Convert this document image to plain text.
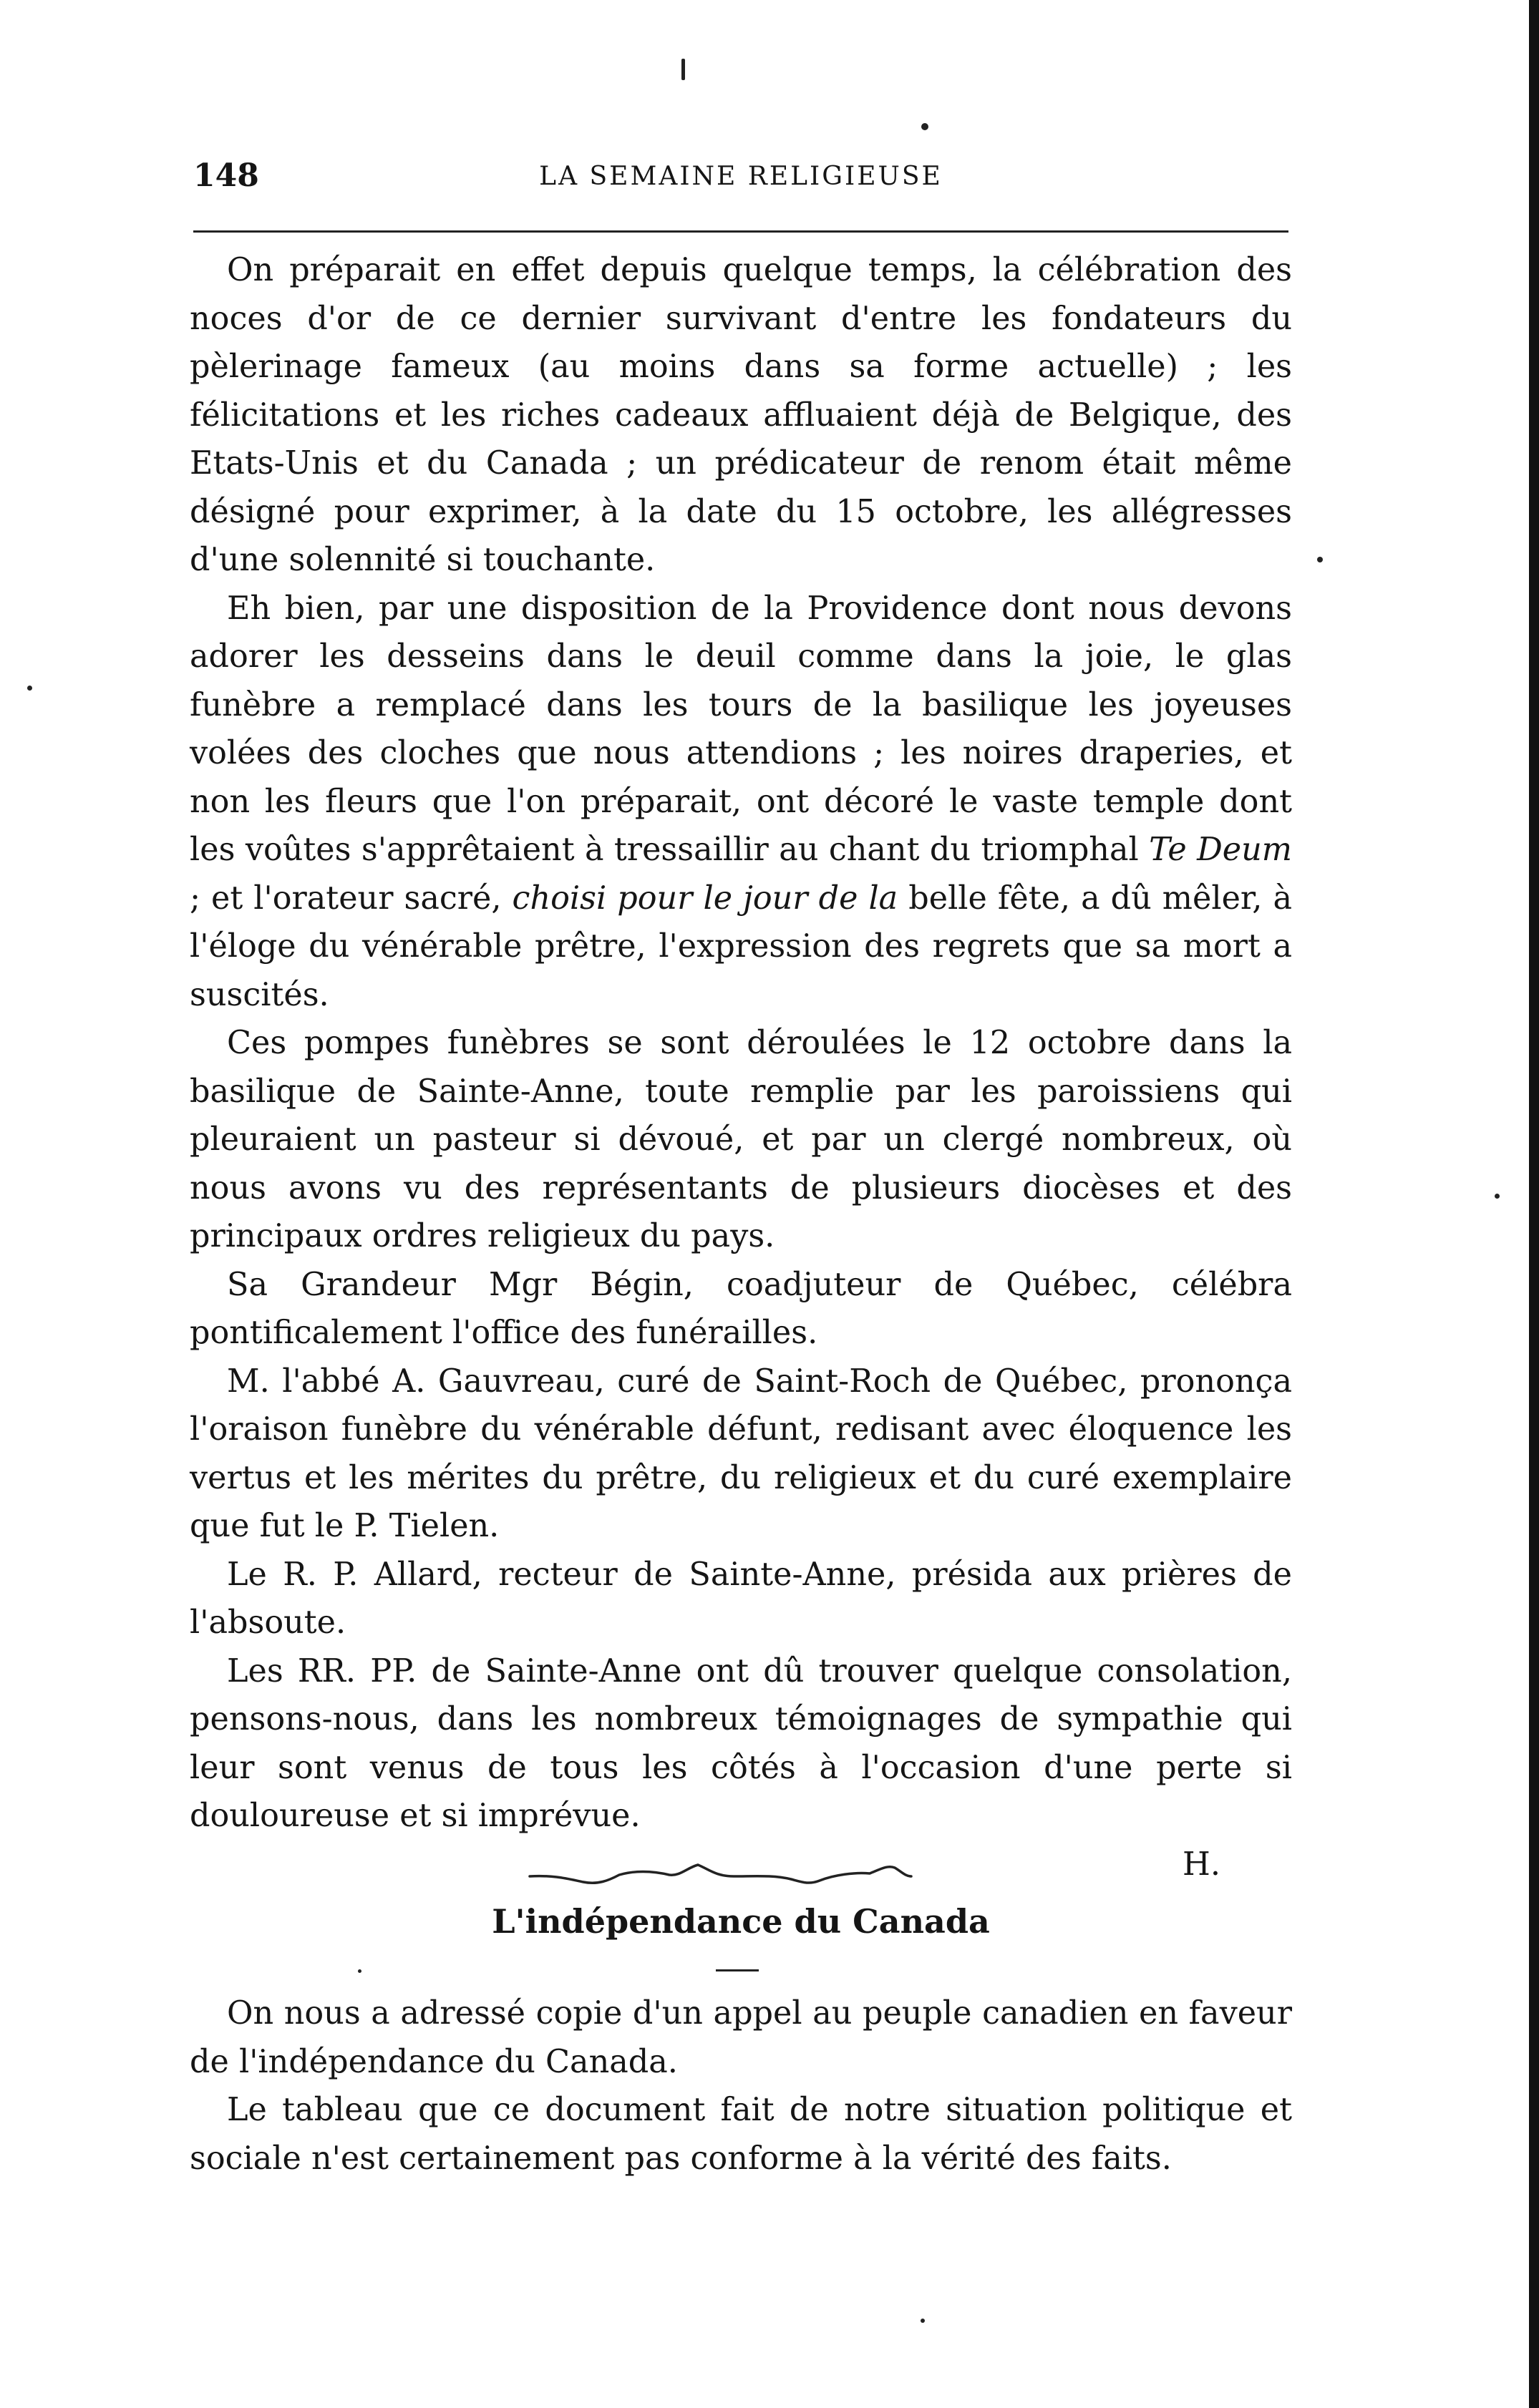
148	LA SEMAINE RELIGIEUSE

On préparait en effet depuis quelque temps, la célébration des noces d'or de ce dernier survivant d'entre les fondateurs du pèlerinage fameux (au moins dans sa forme actuelle) ; les félicitations et les riches cadeaux affluaient déjà de Belgique, des Etats-Unis et du Canada ; un prédicateur de renom était même désigné pour exprimer, à la date du 15 octobre, les allégresses d'une solennité si touchante.

Eh bien, par une disposition de la Providence dont nous devons adorer les desseins dans le deuil comme dans la joie, le glas funèbre a remplacé dans les tours de la basilique les joyeuses volées des cloches que nous attendions ; les noires draperies, et non les fleurs que l'on préparait, ont décoré le vaste temple dont les voûtes s'apprêtaient à tressaillir au chant du triomphal Te Deum ; et l'orateur sacré, choisi pour le jour de la belle fête, a dû mêler, à l'éloge du vénérable prêtre, l'expression des regrets que sa mort a suscités.

Ces pompes funèbres se sont déroulées le 12 octobre dans la basilique de Sainte-Anne, toute remplie par les paroissiens qui pleuraient un pasteur si dévoué, et par un clergé nombreux, où nous avons vu des représentants de plusieurs diocèses et des principaux ordres religieux du pays.

Sa Grandeur Mgr Bégin, coadjuteur de Québec, célébra pontificalement l'office des funérailles.

M. l'abbé A. Gauvreau, curé de Saint-Roch de Québec, prononça l'oraison funèbre du vénérable défunt, redisant avec éloquence les vertus et les mérites du prêtre, du religieux et du curé exemplaire que fut le P. Tielen.

Le R. P. Allard, recteur de Sainte-Anne, présida aux prières de l'absoute.

Les RR. PP. de Sainte-Anne ont dû trouver quelque consolation, pensons-nous, dans les nombreux témoignages de sympathie qui leur sont venus de tous les côtés à l'occasion d'une perte si douloureuse et si imprévue.

H.
L'indépendance du Canada

On nous a adressé copie d'un appel au peuple canadien en faveur de l'indépendance du Canada.

Le tableau que ce document fait de notre situation politique et sociale n'est certainement pas conforme à la vérité des faits.
